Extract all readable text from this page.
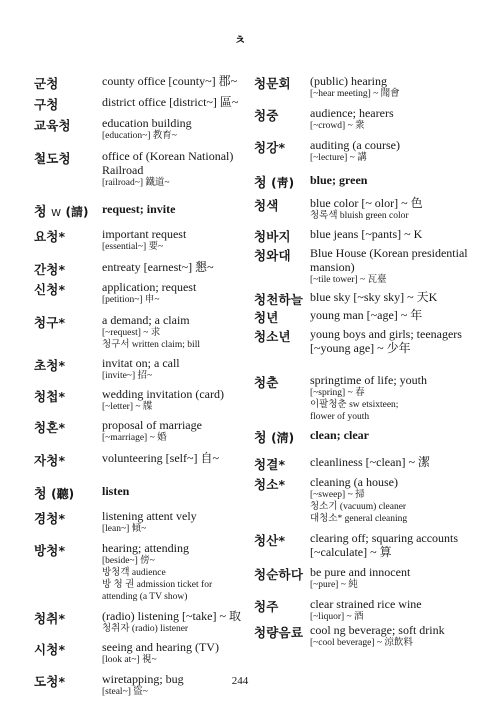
ㅊ
군청	county office [county~] 郡~
구청	district office [district~] 區~
교육청	education building
[education~] 教育~
철도청	office of (Korean National) Railroad
[railroad~] 鐵道~
청 W (請) request; invite
요청*	important request
[essential~] 要~
간청*	entreaty [earnest~] 懇~
신청*	application; request
[petition~] 申~
청구*	a demand; a claim
[~request] ~ 求
청구서 written claim; bill
초청*	invitat on; a call
[invite~] 招~
청첩*	wedding invitation (card)
[~letter] ~ 牒
청혼*	proposal of marriage
[~marriage] ~ 婚
자청*	volunteering [self~] 自~
청 (聽) listen
경청*	listening attent vely
[lean~] 傾~
방청*	hearing; attending
[beside~] 傍~
방청객 audience
방 청 권 admission ticket for
attending (a TV show)
청취*	(radio) listening [~take] ~ 取
청취자 (radio) listener
시청*	seeing and hearing (TV)
[look at~] 視~
도청*	wiretapping; bug
[steal~] 盜~
청문회 (public) hearing
[~hear meeting] ~ 聞會
청중	audience; hearers
[~crowd] ~ 衆
청강* auditing (a course)
[~lecture] ~ 講
청 (靑) blue; green
청색	blue color [~ olor] ~ 色
청록색 bluish green color
청바지 blue jeans [~pants] ~ K
청와대 Blue House (Korean presidential mansion)
[~tile tower] ~ 瓦臺
청천하늘 blue sky [~sky sky] ~ 天K
청년	young man [~age] ~ 年
청소년 young boys and girls; teenagers [~young age] ~ 少年
청춘	springtime of life; youth
[~spring] ~ 春
이팔청춘 sw etsixteen;
flower of youth
청 (淸) clean; clear
청결* cleanliness [~clean] ~ 潔
청소* cleaning (a house)
[~sweep] ~ 掃
청소기 (vacuum) cleaner
대청소* general cleaning
청산* clearing off; squaring accounts [~calculate] ~ 算
청순하다 be pure and innocent
[~pure] ~ 純
청주	clear strained rice wine
[~liquor] ~ 酒
청량음료 cool ng beverage; soft drink
[~cool beverage] ~ 涼飲料
244
